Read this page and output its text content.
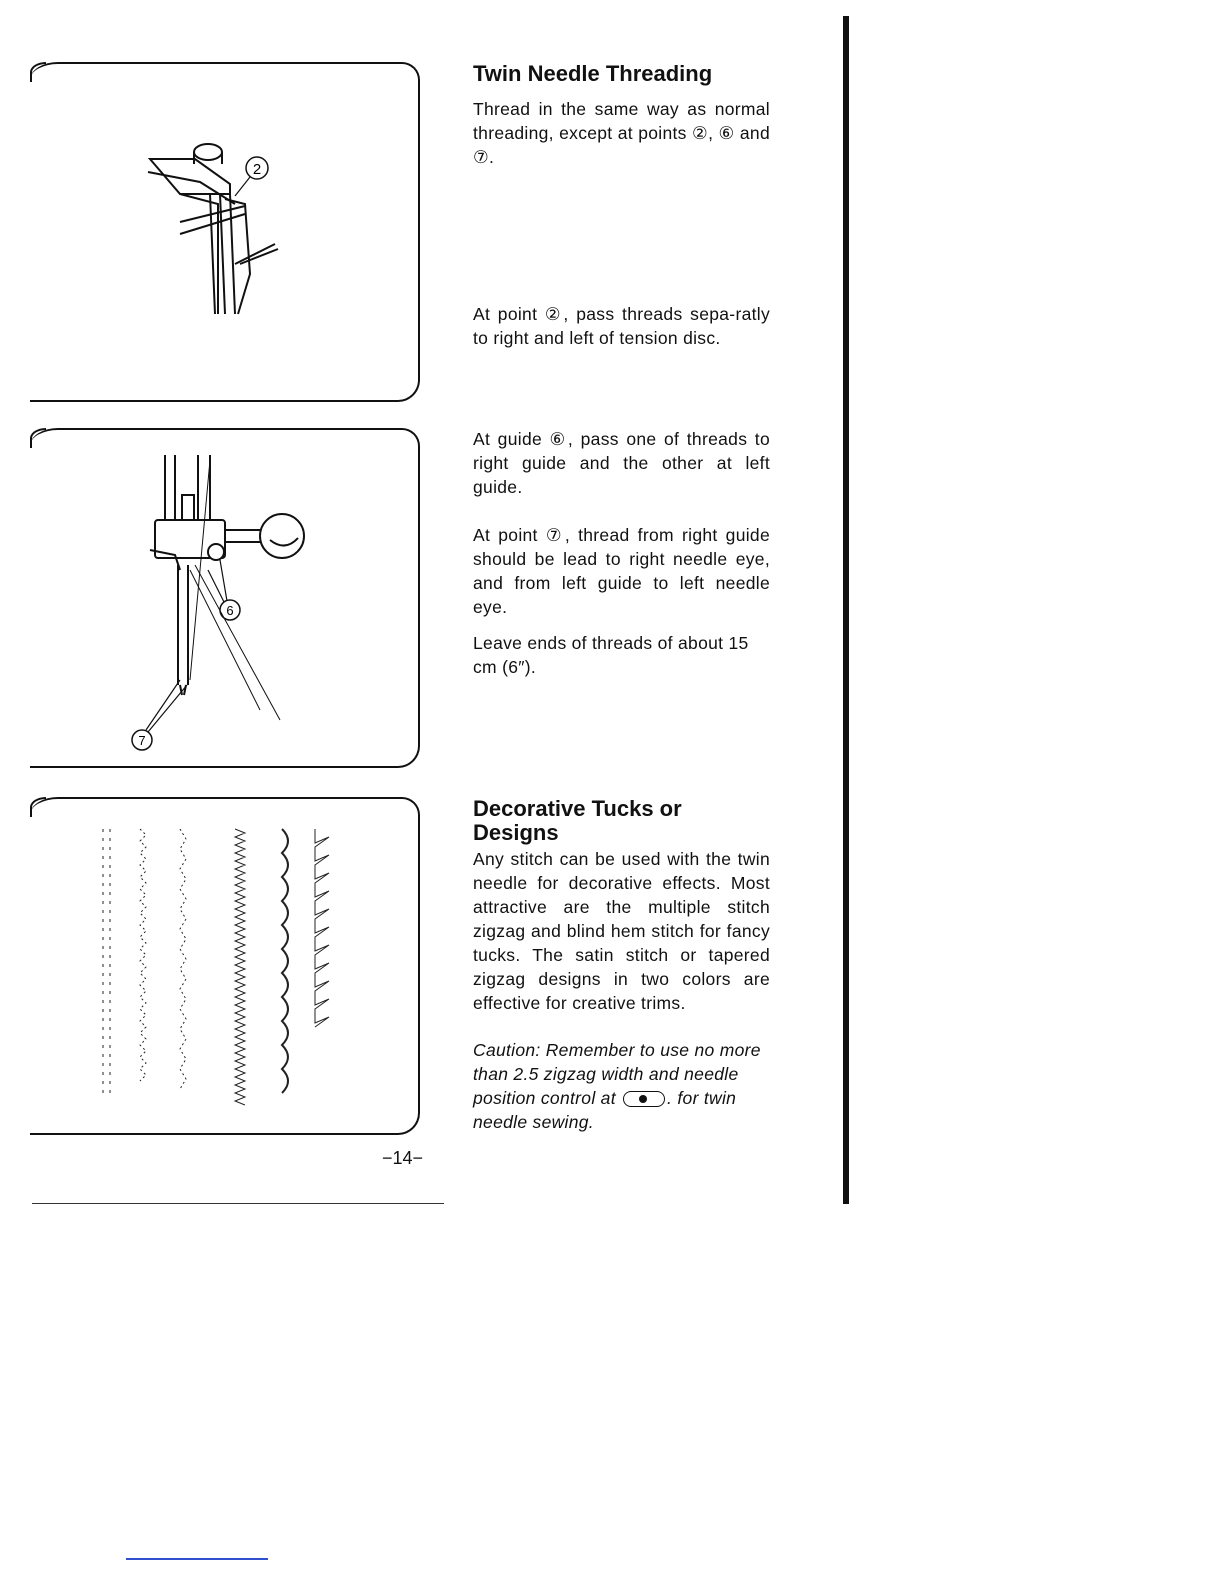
2
6
7
Twin Needle Threading
Thread in the same way as normal threading, except at points ②, ⑥ and ⑦.
At point ②, pass threads sepa-ratly to right and left of tension disc.
At guide ⑥, pass one of threads to right guide and the other at left guide.
At point ⑦, thread from right guide should be lead to right needle eye, and from left guide to left needle eye.
Leave ends of threads of about 15 cm (6″).
Decorative Tucks or
Designs
Any stitch can be used with the twin needle for decorative effects. Most attractive are the multiple stitch zigzag and blind hem stitch for fancy tucks. The satin stitch or tapered zigzag designs in two colors are effective for creative trims.
Caution: Remember to use no more than 2.5 zigzag width and needle position control at	. for twin needle sewing.
−14−
